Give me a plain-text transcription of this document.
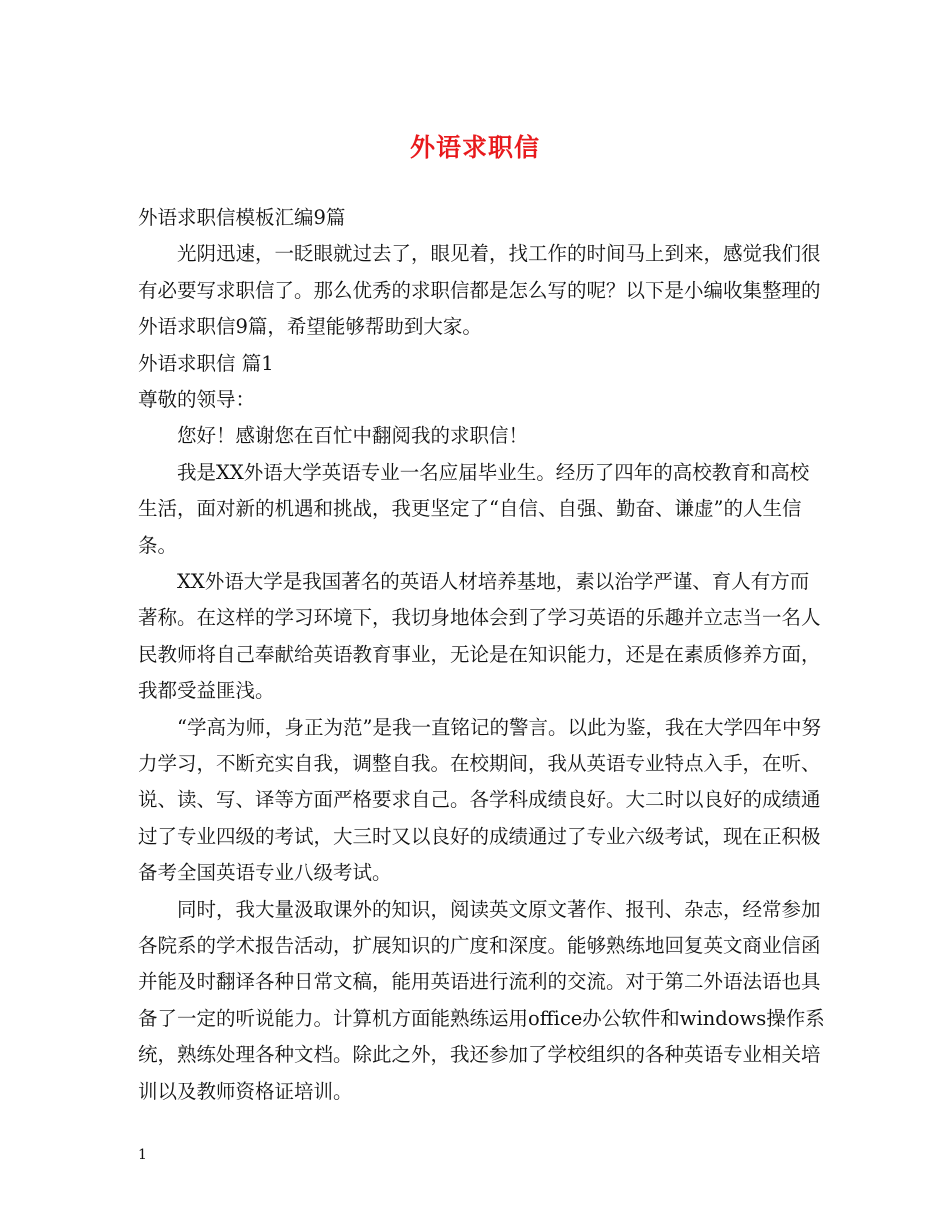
外语求职信
外语求职信模板汇编9篇
光阴迅速，一眨眼就过去了，眼见着，找工作的时间马上到来，感觉我们很有必要写求职信了。那么优秀的求职信都是怎么写的呢？以下是小编收集整理的外语求职信9篇，希望能够帮助到大家。
外语求职信 篇1
尊敬的领导：
您好！感谢您在百忙中翻阅我的求职信！
我是XX外语大学英语专业一名应届毕业生。经历了四年的高校教育和高校生活，面对新的机遇和挑战，我更坚定了“自信、自强、勤奋、谦虚”的人生信条。
XX外语大学是我国著名的英语人材培养基地，素以治学严谨、育人有方而著称。在这样的学习环境下，我切身地体会到了学习英语的乐趣并立志当一名人民教师将自己奉献给英语教育事业，无论是在知识能力，还是在素质修养方面，我都受益匪浅。
“学高为师，身正为范”是我一直铭记的警言。以此为鉴，我在大学四年中努力学习，不断充实自我，调整自我。在校期间，我从英语专业特点入手，在听、说、读、写、译等方面严格要求自己。各学科成绩良好。大二时以良好的成绩通过了专业四级的考试，大三时又以良好的成绩通过了专业六级考试，现在正积极备考全国英语专业八级考试。
同时，我大量汲取课外的知识，阅读英文原文著作、报刊、杂志，经常参加各院系的学术报告活动，扩展知识的广度和深度。能够熟练地回复英文商业信函并能及时翻译各种日常文稿，能用英语进行流利的交流。对于第二外语法语也具备了一定的听说能力。计算机方面能熟练运用office办公软件和windows操作系统，熟练处理各种文档。除此之外，我还参加了学校组织的各种英语专业相关培训以及教师资格证培训。
1
